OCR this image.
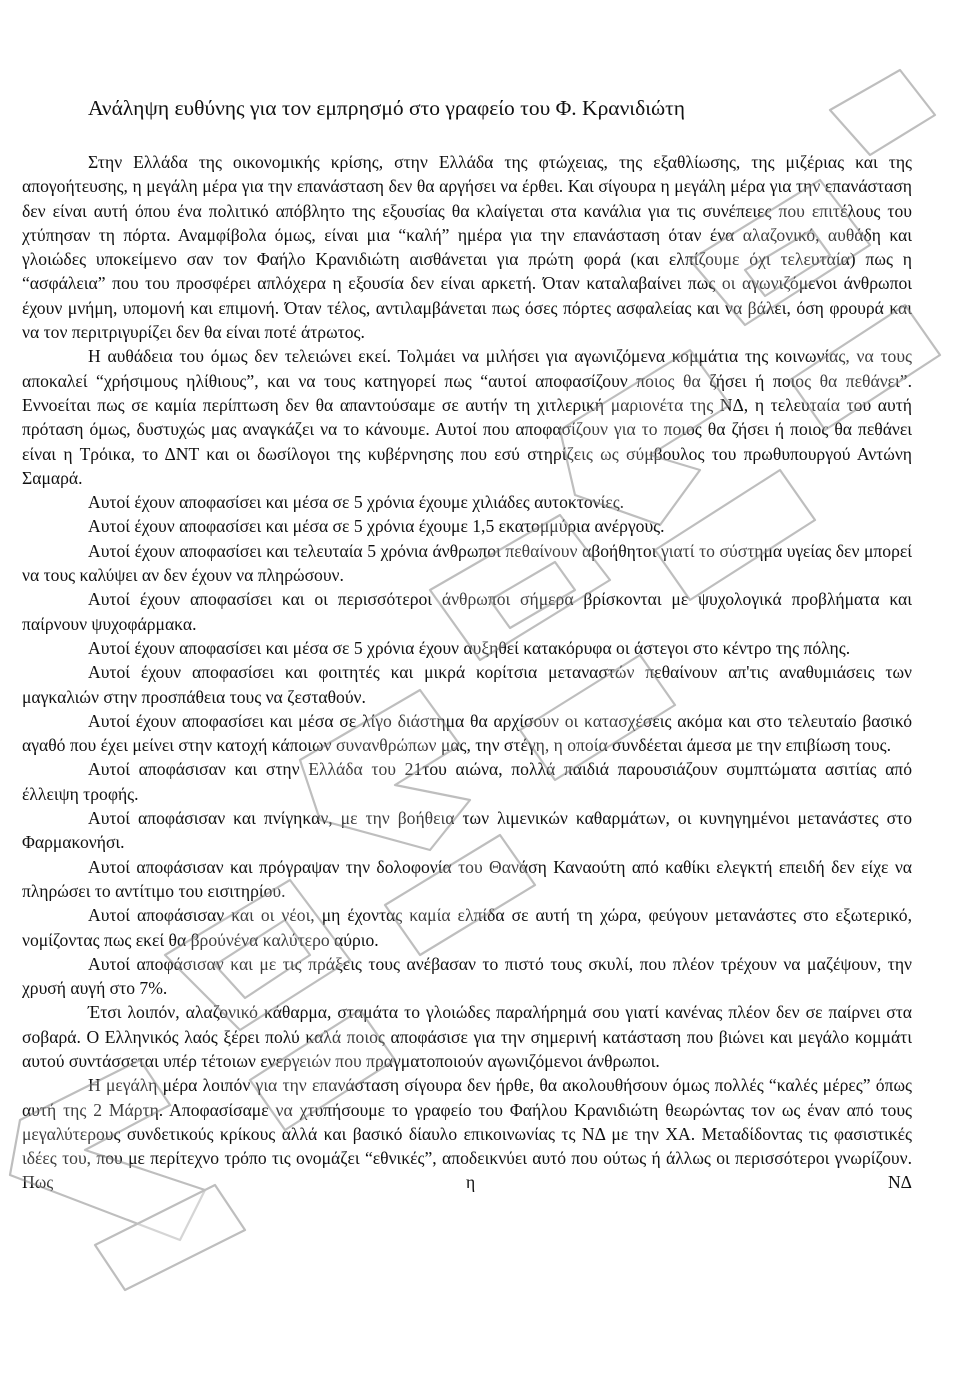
Ανάληψη ευθύνης για τον εμπρησμό στο γραφείο του Φ. Κρανιδιώτη

Στην Ελλάδα της οικονομικής κρίσης, στην Ελλάδα της φτώχειας, της εξαθλίωσης, της μιζέριας και της απογοήτευσης, η μεγάλη μέρα για την επανάσταση δεν θα αργήσει να έρθει. Και σίγουρα η μεγάλη μέρα για την επανάσταση δεν είναι αυτή όπου ένα πολιτικό απόβλητο της εξουσίας θα κλαίγεται στα κανάλια για τις συνέπειες που επιτέλους του χτύπησαν τη πόρτα. Αναμφίβολα όμως, είναι μια “καλή” ημέρα για την επανάσταση όταν ένα αλαζονικό, αυθάδη και γλοιώδες υποκείμενο σαν τον Φαήλο Κρανιδιώτη αισθάνεται για πρώτη φορά (και ελπίζουμε όχι τελευταία) πως η “ασφάλεια” που του προσφέρει απλόχερα η εξουσία δεν είναι αρκετή. Όταν καταλαβαίνει πως οι αγωνιζόμενοι άνθρωποι έχουν μνήμη, υπομονή και επιμονή. Όταν τέλος, αντιλαμβάνεται πως όσες πόρτες ασφαλείας και να βάλει, όση φρουρά και να τον περιτριγυρίζει δεν θα είναι ποτέ άτρωτος.

Η αυθάδεια του όμως δεν τελειώνει εκεί. Τολμάει να μιλήσει για αγωνιζόμενα κομμάτια της κοινωνίας, να τους αποκαλεί “χρήσιμους ηλίθιους”, και να τους κατηγορεί πως “αυτοί αποφασίζουν ποιος θα ζήσει ή ποιος θα πεθάνει”. Εννοείται πως σε καμία περίπτωση δεν θα απαντούσαμε σε αυτήν τη χιτλερική μαριονέτα της ΝΔ, η τελευταία του αυτή πρόταση όμως, δυστυχώς μας αναγκάζει να το κάνουμε. Αυτοί που αποφασίζουν για το ποιος θα ζήσει ή ποιος θα πεθάνει είναι η Τρόικα, το ΔΝΤ και οι δωσίλογοι της κυβέρνησης που εσύ στηρίζεις ως σύμβουλος του πρωθυπουργού Αντώνη Σαμαρά.

Αυτοί έχουν αποφασίσει και μέσα σε 5 χρόνια έχουμε χιλιάδες αυτοκτονίες.

Αυτοί έχουν αποφασίσει και μέσα σε 5 χρόνια έχουμε 1,5 εκατομμύρια ανέργους.

Αυτοί έχουν αποφασίσει και τελευταία 5 χρόνια άνθρωποι πεθαίνουν αβοήθητοι γιατί το σύστημα υγείας δεν μπορεί να τους καλύψει αν δεν έχουν να πληρώσουν.

Αυτοί έχουν αποφασίσει και οι περισσότεροι άνθρωποι σήμερα βρίσκονται με ψυχολογικά προβλήματα και παίρνουν ψυχοφάρμακα.

Αυτοί έχουν αποφασίσει και μέσα σε 5 χρόνια έχουν αυξηθεί κατακόρυφα οι άστεγοι στο κέντρο της πόλης.

Αυτοί έχουν αποφασίσει και φοιτητές και μικρά κορίτσια μεταναστών πεθαίνουν απ'τις αναθυμιάσεις των μαγκαλιών στην προσπάθεια τους να ζεσταθούν.

Αυτοί έχουν αποφασίσει και μέσα σε λίγο διάστημα θα αρχίσουν οι κατασχέσεις ακόμα και στο τελευταίο βασικό αγαθό που έχει μείνει στην κατοχή κάποιων συνανθρώπων μας, την στέγη, η οποία συνδέεται άμεσα με την επιβίωση τους.

Αυτοί αποφάσισαν και στην Ελλάδα του 21του αιώνα, πολλά παιδιά παρουσιάζουν συμπτώματα ασιτίας από έλλειψη τροφής.

Αυτοί αποφάσισαν και πνίγηκαν, με την βοήθεια των λιμενικών καθαρμάτων, οι κυνηγημένοι μετανάστες στο Φαρμακονήσι.

Αυτοί αποφάσισαν και πρόγραψαν την δολοφονία του Θανάση Καναούτη από καθίκι ελεγκτή επειδή δεν είχε να πληρώσει το αντίτιμο του εισιτηρίου.

Αυτοί αποφάσισαν και οι νέοι, μη έχοντας καμία ελπίδα σε αυτή τη χώρα, φεύγουν μετανάστες στο εξωτερικό, νομίζοντας πως εκεί θα βρούνένα καλύτερο αύριο.

Αυτοί αποφάσισαν και με τις πράξεις τους ανέβασαν το πιστό τους σκυλί, που πλέον τρέχουν να μαζέψουν, την χρυσή αυγή στο 7%.

Έτσι λοιπόν, αλαζονικό κάθαρμα, σταμάτα το γλοιώδες παραλήρημά σου γιατί κανένας πλέον δεν σε παίρνει στα σοβαρά. Ο Ελληνικός λαός ξέρει πολύ καλά ποιος αποφάσισε για την σημερινή κατάσταση που βιώνει και μεγάλο κομμάτι αυτού συντάσσεται υπέρ τέτοιων ενεργειών που πραγματοποιούν αγωνιζόμενοι άνθρωποι.

Η μεγάλη μέρα λοιπόν για την επανάσταση σίγουρα δεν ήρθε, θα ακολουθήσουν όμως πολλές “καλές μέρες” όπως αυτή της 2 Μάρτη. Αποφασίσαμε να χτυπήσουμε το γραφείο του Φαήλου Κρανιδιώτη θεωρώντας τον ως έναν από τους μεγαλύτερους συνδετικούς κρίκους αλλά και βασικό δίαυλο επικοινωνίας τς ΝΔ με την ΧΑ. Μεταδίδοντας τις φασιστικές ιδέες του, που με περίτεχνο τρόπο τις ονομάζει “εθνικές”, αποδεικνύει αυτό που ούτως ή άλλως οι περισσότεροι γνωρίζουν. Πως η ΝΔ
